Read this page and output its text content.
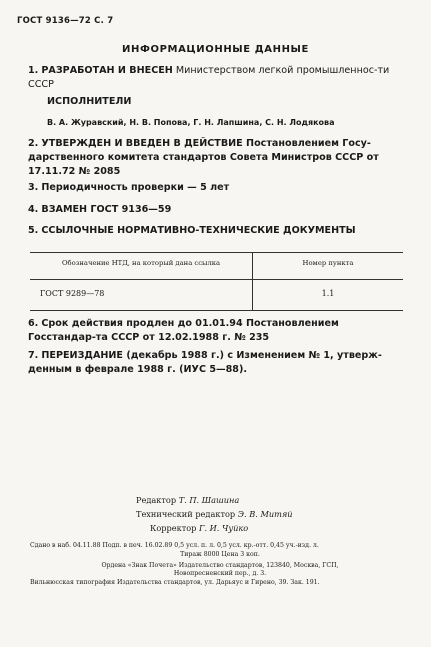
ГОСТ 9136—72 С. 7
ИНФОРМАЦИОННЫЕ ДАННЫЕ
1. РАЗРАБОТАН И ВНЕСЕН Министерством легкой промышленнос-ти СССР
ИСПОЛНИТЕЛИ
В. А. Журавский, Н. В. Попова, Г. Н. Лапшина, С. Н. Лодякова
2. УТВЕРЖДЕН И ВВЕДЕН В ДЕЙСТВИЕ Постановлением Госу-дарственного комитета стандартов Совета Министров СССР от 17.11.72 № 2085
3. Периодичность проверки — 5 лет
4. ВЗАМЕН ГОСТ 9136—59
5. ССЫЛОЧНЫЕ НОРМАТИВНО-ТЕХНИЧЕСКИЕ ДОКУМЕНТЫ
Обозначение НТД, на который дана ссылка	Номер пункта
ГОСТ 9289—78	1.1
6. Срок действия продлен до 01.01.94 Постановлением Госстандар-та СССР от 12.02.1988 г. № 235
7. ПЕРЕИЗДАНИЕ (декабрь 1988 г.) с Изменением № 1, утверж-денным в феврале 1988 г. (ИУС 5—88).
Редактор Т. П. Шашина
Технический редактор Э. В. Митяй
Корректор Г. И. Чуйко
Сдано в наб. 04.11.88 Подп. в печ. 16.02.89 0,5 усл. п. л. 0,5 усл. кр.-отт. 0,45 уч.-изд. л.
Тираж 8000 Цена 3 коп.
Ордена «Знак Почета» Издательство стандартов, 123840, Москва, ГСП,
Новопресненский пер., д. 3.
Вильнюсская типография Издательства стандартов, ул. Дарьяус и Гирено, 39. Зак. 191.
